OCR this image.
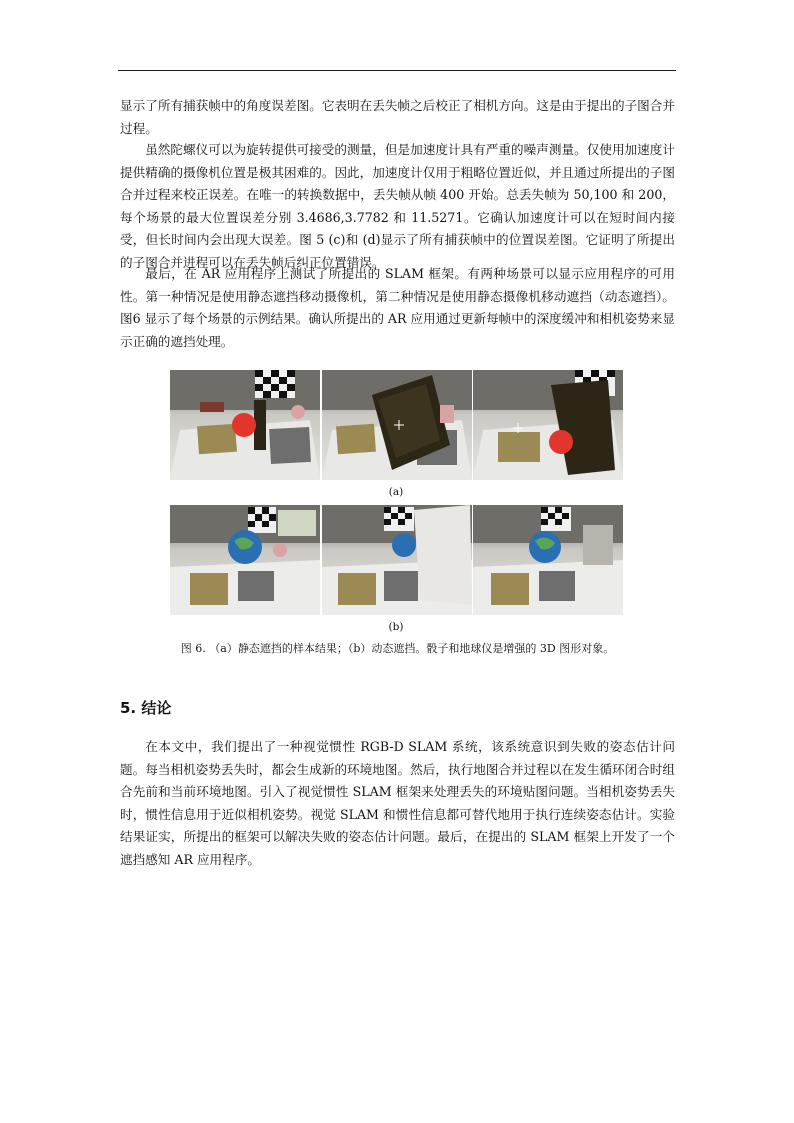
显示了所有捕获帧中的角度误差图。它表明在丢失帧之后校正了相机方向。这是由于提出的子图合并过程。

虽然陀螺仪可以为旋转提供可接受的测量，但是加速度计具有严重的噪声测量。仅使用加速度计提供精确的摄像机位置是极其困难的。因此，加速度计仅用于粗略位置近似，并且通过所提出的子图合并过程来校正误差。在唯一的转换数据中，丢失帧从帧 400 开始。总丢失帧为 50,100 和 200，每个场景的最大位置误差分别 3.4686,3.7782 和 11.5271。它确认加速度计可以在短时间内接受，但长时间内会出现大误差。图 5 (c)和 (d)显示了所有捕获帧中的位置误差图。它证明了所提出的子图合并进程可以在丢失帧后纠正位置错误。

最后，在 AR 应用程序上测试了所提出的 SLAM 框架。有两种场景可以显示应用程序的可用性。第一种情况是使用静态遮挡移动摄像机，第二种情况是使用静态摄像机移动遮挡（动态遮挡）。图6 显示了每个场景的示例结果。确认所提出的 AR 应用通过更新每帧中的深度缓冲和相机姿势来显示正确的遮挡处理。

(a)
(b)
图 6. （a）静态遮挡的样本结果；（b）动态遮挡。骰子和地球仪是增强的 3D 图形对象。
5. 结论

在本文中，我们提出了一种视觉惯性 RGB-D SLAM 系统，该系统意识到失败的姿态估计问题。每当相机姿势丢失时，都会生成新的环境地图。然后，执行地图合并过程以在发生循环闭合时组合先前和当前环境地图。引入了视觉惯性 SLAM 框架来处理丢失的环境贴图问题。当相机姿势丢失时，惯性信息用于近似相机姿势。视觉 SLAM 和惯性信息都可替代地用于执行连续姿态估计。实验结果证实，所提出的框架可以解决失败的姿态估计问题。最后，在提出的 SLAM 框架上开发了一个遮挡感知 AR 应用程序。
